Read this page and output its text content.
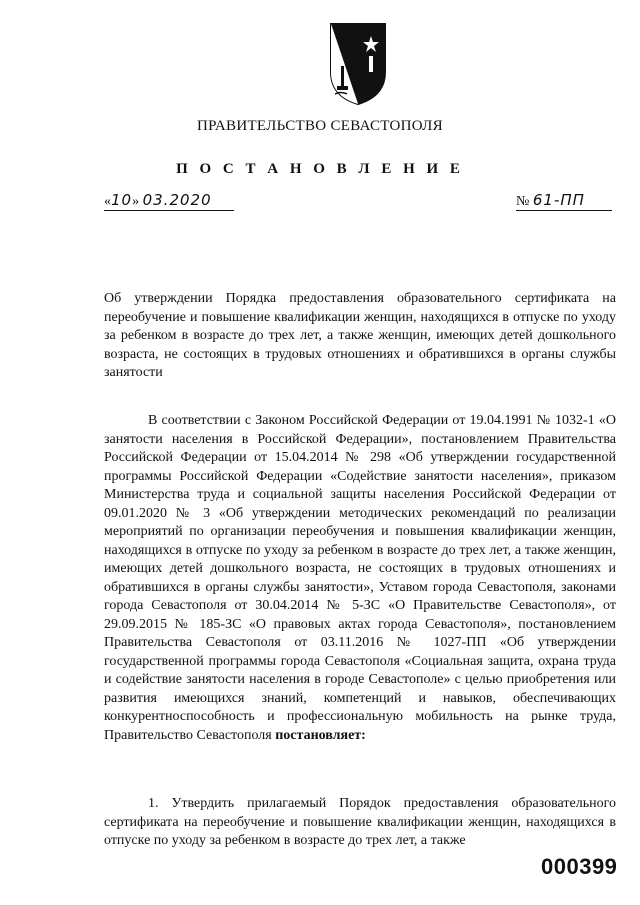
ПРАВИТЕЛЬСТВО СЕВАСТОПОЛЯ
П О С Т А Н О В Л Е Н И Е
«10» 03.2020	№ 61-ПП
Об утверждении Порядка предоставления образовательного сертификата на переобучение и повышение квалификации женщин, находящихся в отпуске по уходу за ребенком в возрасте до трех лет, а также женщин, имеющих детей дошкольного возраста, не состоящих в трудовых отношениях и обратившихся в органы службы занятости

В соответствии с Законом Российской Федерации от 19.04.1991 № 1032-1 «О занятости населения в Российской Федерации», постановлением Правительства Российской Федерации от 15.04.2014 № 298 «Об утверждении государственной программы Российской Федерации «Содействие занятости населения», приказом Министерства труда и социальной защиты населения Российской Федерации от 09.01.2020 № 3 «Об утверждении методических рекомендаций по реализации мероприятий по организации переобучения и повышения квалификации женщин, находящихся в отпуске по уходу за ребенком в возрасте до трех лет, а также женщин, имеющих детей дошкольного возраста, не состоящих в трудовых отношениях и обратившихся в органы службы занятости», Уставом города Севастополя, законами города Севастополя от 30.04.2014 № 5-ЗС «О Правительстве Севастополя», от 29.09.2015 № 185-ЗС «О правовых актах города Севастополя», постановлением Правительства Севастополя от 03.11.2016 № 1027-ПП «Об утверждении государственной программы города Севастополя «Социальная защита, охрана труда и содействие занятости населения в городе Севастополе» с целью приобретения или развития имеющихся знаний, компетенций и навыков, обеспечивающих конкурентноспособность и профессиональную мобильность на рынке труда, Правительство Севастополя постановляет:

1. Утвердить прилагаемый Порядок предоставления образовательного сертификата на переобучение и повышение квалификации женщин, находящихся в отпуске по уходу за ребенком в возрасте до трех лет, а также

000399
